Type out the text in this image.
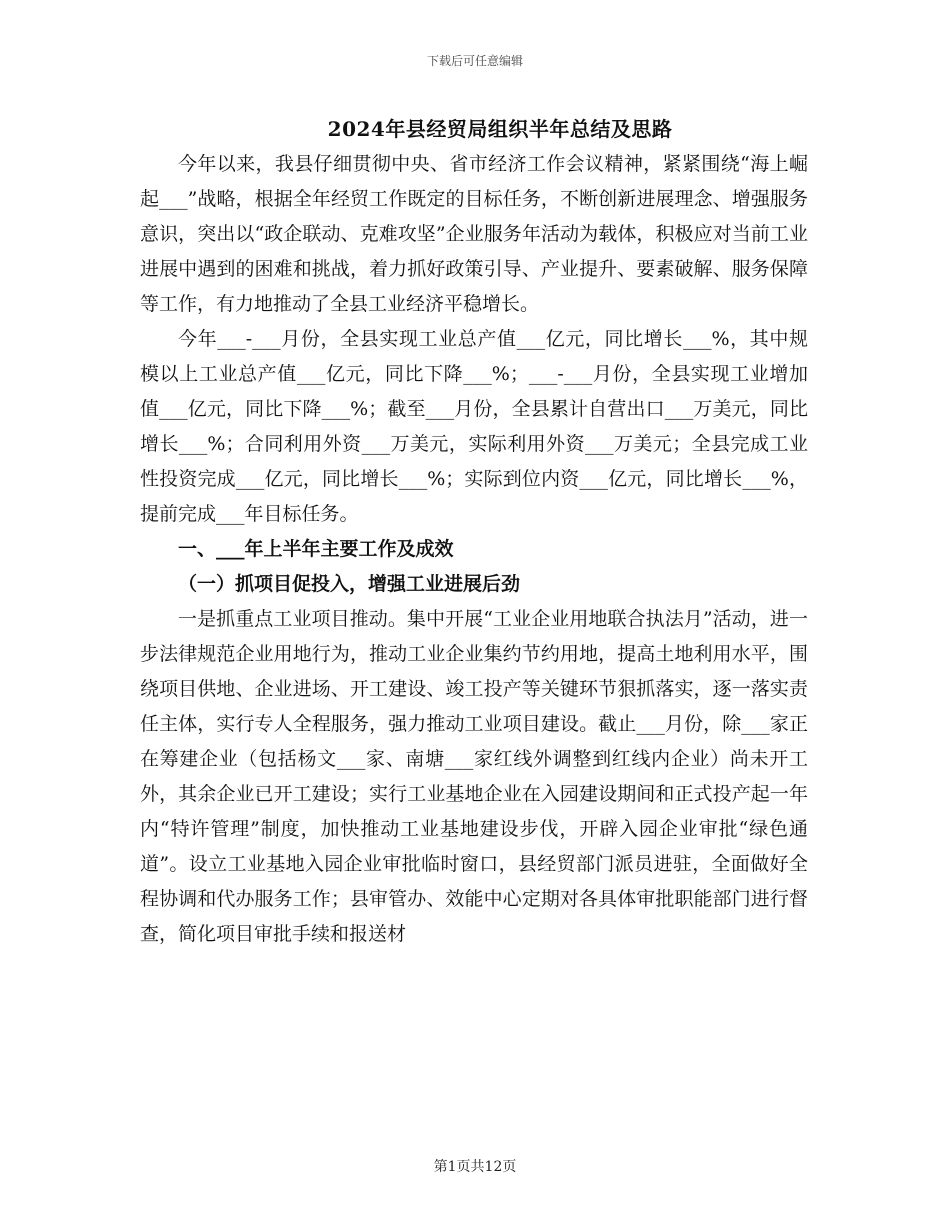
下载后可任意编辑
2024年县经贸局组织半年总结及思路

今年以来，我县仔细贯彻中央、省市经济工作会议精神，紧紧围绕“海上崛起___”战略，根据全年经贸工作既定的目标任务，不断创新进展理念、增强服务意识，突出以“政企联动、克难攻坚”企业服务年活动为载体，积极应对当前工业进展中遇到的困难和挑战，着力抓好政策引导、产业提升、要素破解、服务保障等工作，有力地推动了全县工业经济平稳增长。

今年___-___月份，全县实现工业总产值___亿元，同比增长___%，其中规模以上工业总产值___亿元，同比下降___%；___-___月份，全县实现工业增加值___亿元，同比下降___%；截至___月份，全县累计自营出口___万美元，同比增长___%；合同利用外资___万美元，实际利用外资___万美元；全县完成工业性投资完成___亿元，同比增长___%；实际到位内资___亿元，同比增长___%，提前完成___年目标任务。

一、___年上半年主要工作及成效

（一）抓项目促投入，增强工业进展后劲

一是抓重点工业项目推动。集中开展“工业企业用地联合执法月”活动，进一步法律规范企业用地行为，推动工业企业集约节约用地，提高土地利用水平，围绕项目供地、企业进场、开工建设、竣工投产等关键环节狠抓落实，逐一落实责任主体，实行专人全程服务，强力推动工业项目建设。截止___月份，除___家正在筹建企业（包括杨文___家、南塘___家红线外调整到红线内企业）尚未开工外，其余企业已开工建设；实行工业基地企业在入园建设期间和正式投产起一年内“特许管理”制度，加快推动工业基地建设步伐，开辟入园企业审批“绿色通道”。设立工业基地入园企业审批临时窗口，县经贸部门派员进驻，全面做好全程协调和代办服务工作；县审管办、效能中心定期对各具体审批职能部门进行督查，简化项目审批手续和报送材

第1页共12页
